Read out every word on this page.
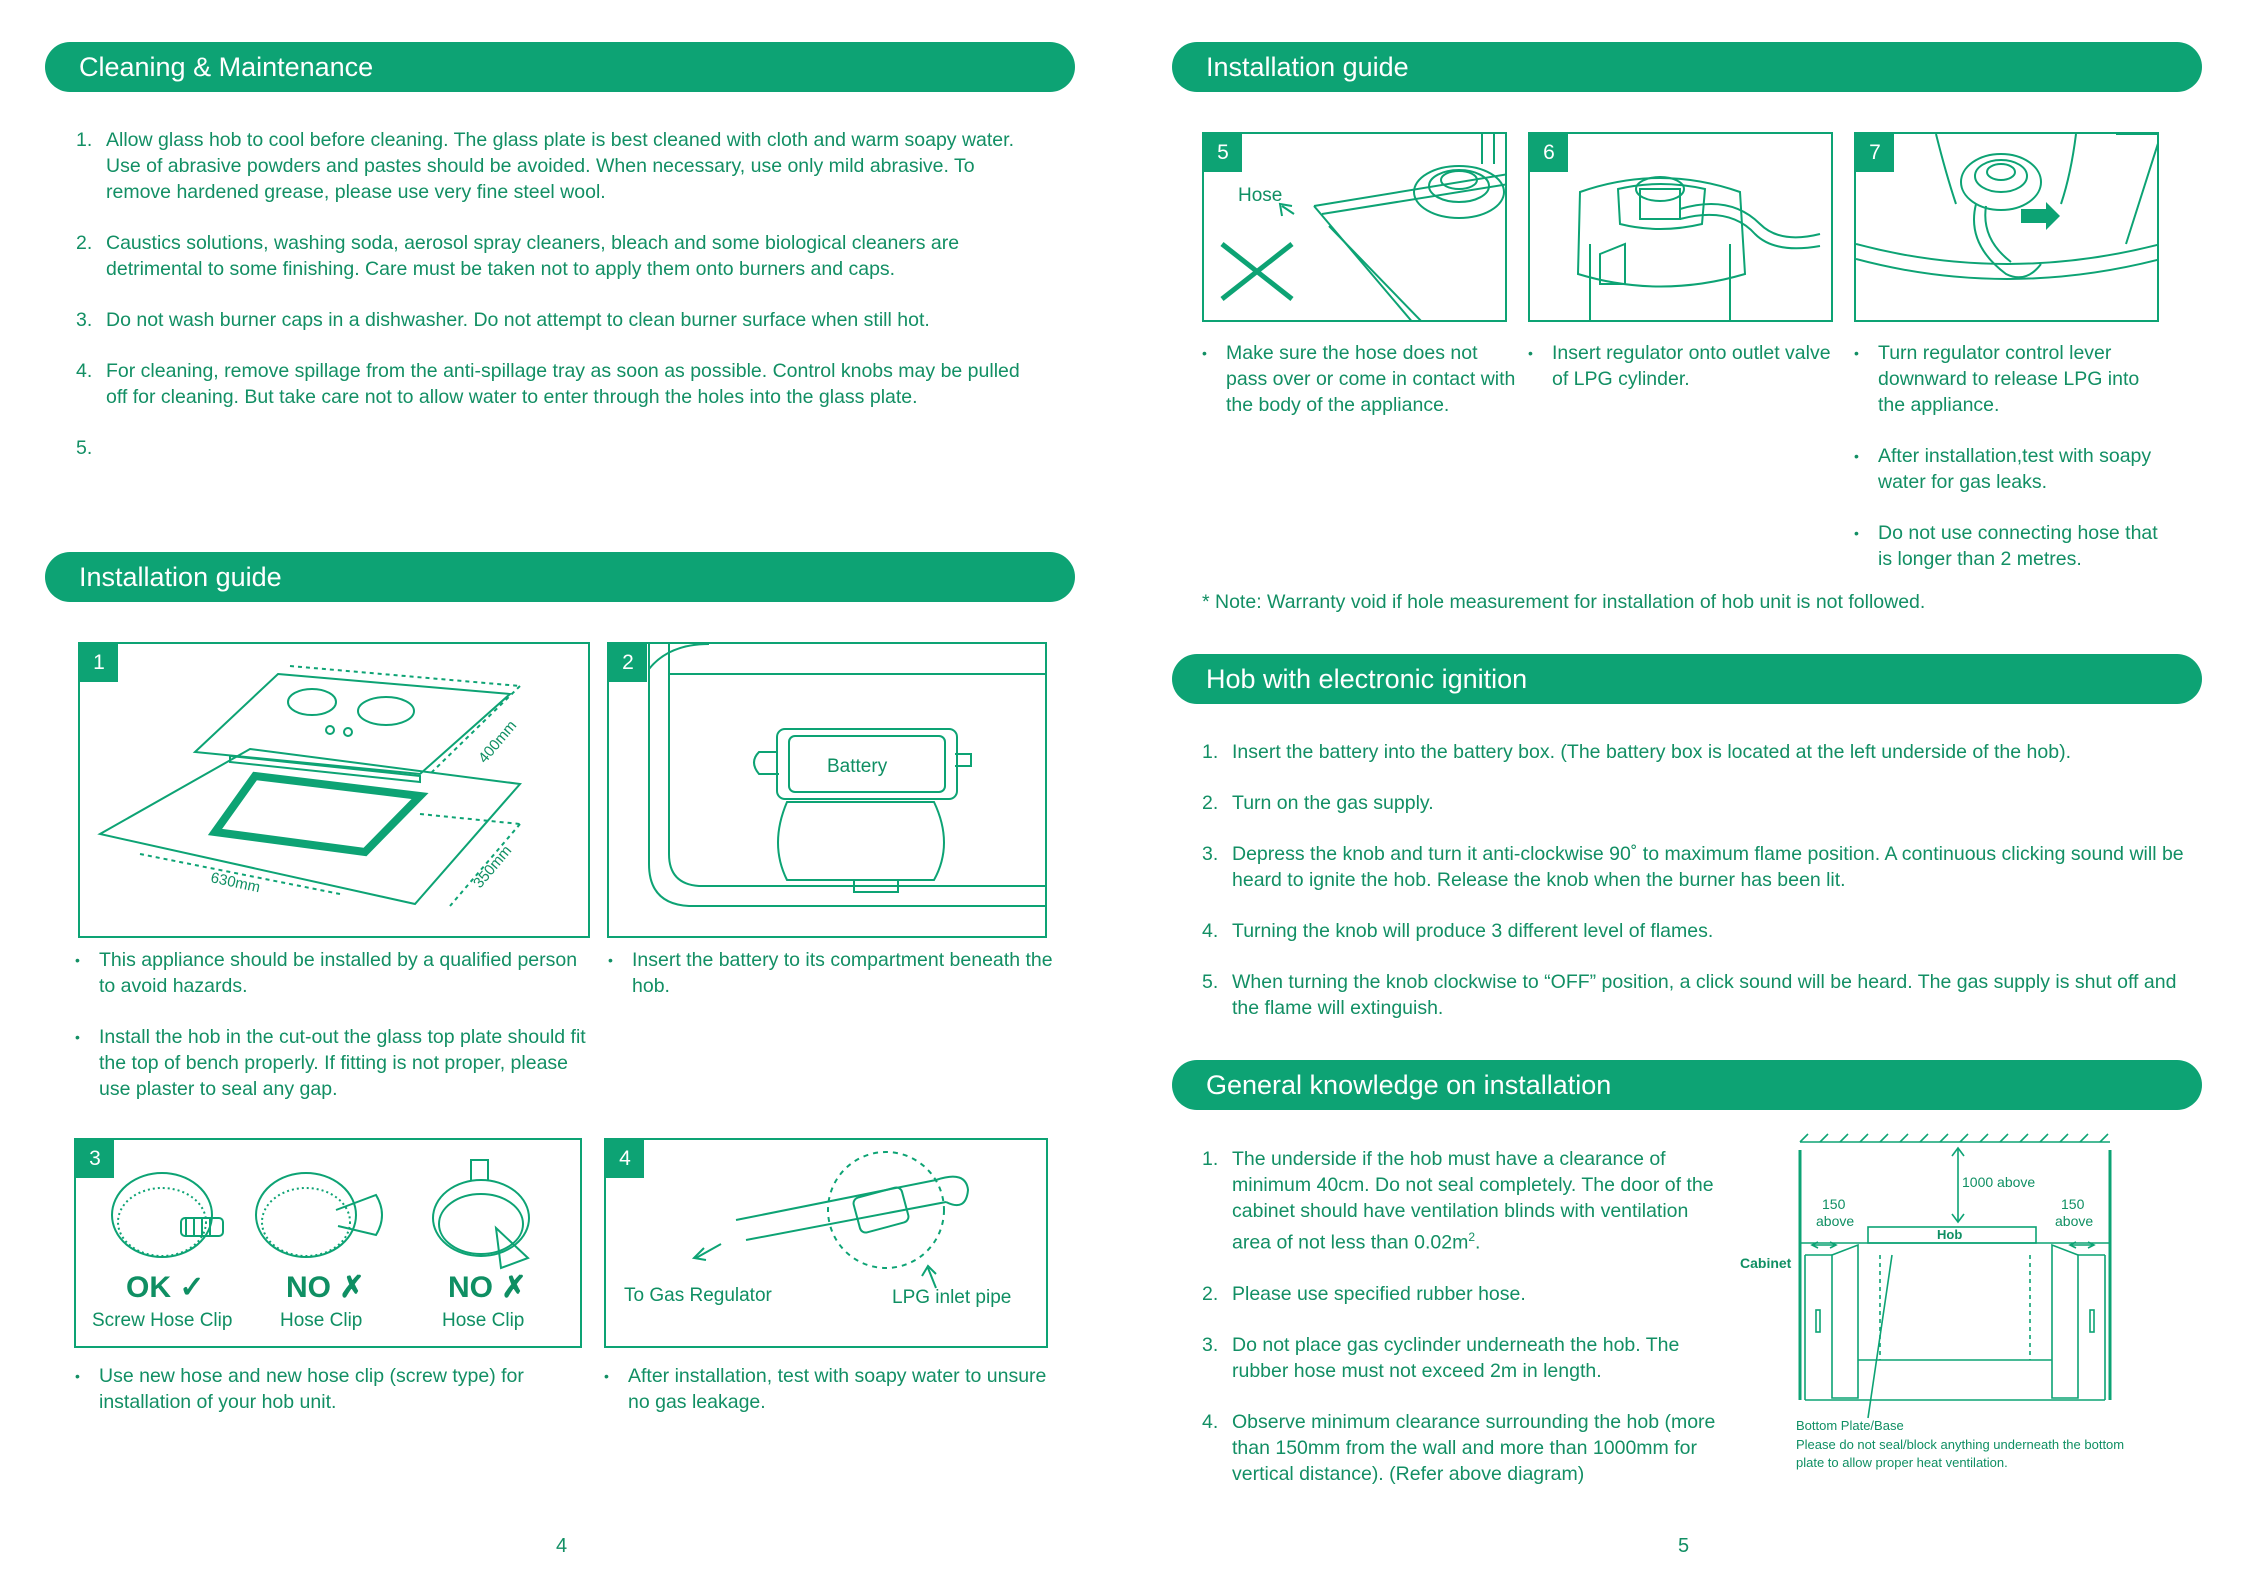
Cleaning & Maintenance
1. Allow glass hob to cool before cleaning. The glass plate is best cleaned with cloth and warm soapy water. Use of abrasive powders and pastes should be avoided. When necessary, use only mild abrasive. To remove hardened grease, please use very fine steel wool.
2. Caustics solutions, washing soda, aerosol spray cleaners, bleach and some biological cleaners are detrimental to some finishing. Care must be taken not to apply them onto burners and caps.
3. Do not wash burner caps in a dishwasher. Do not attempt to clean burner surface when still hot.
4. For cleaning, remove spillage from the anti-spillage tray as soon as possible. Control knobs may be pulled off for cleaning. But take care not to allow water to enter through the holes into the glass plate.
5.
Installation guide
1
630mm
400mm
350mm
2
Battery
• This appliance should be installed by a qualified person to avoid hazards.
• Install the hob in the cut-out the glass top plate should fit the top of bench properly. If fitting is not proper, please use plaster to seal any gap.
• Insert the battery to its compartment beneath the hob.
3
OK ✓
Screw Hose Clip
NO ✗
Hose Clip
NO ✗
Hose Clip
4
To Gas Regulator	LPG inlet pipe
• Use new hose and new hose clip (screw type) for installation of your hob unit.
• After installation, test with soapy water to unsure no gas leakage.
4
Installation guide
5
Hose
6	7
• Make sure the hose does not pass over or come in contact with the body of the appliance.
• Insert regulator onto outlet valve of LPG cylinder.
• Turn regulator control lever downward to release LPG into the appliance.
• After installation,test with soapy water for gas leaks.
• Do not use connecting hose that is longer than 2 metres.
* Note: Warranty void if hole measurement for installation of hob unit is not followed.
Hob with electronic ignition
1. Insert the battery into the battery box. (The battery box is located at the left underside of the hob).
2. Turn on the gas supply.
3. Depress the knob and turn it anti-clockwise 90˚ to maximum flame position. A continuous clicking sound will be heard to ignite the hob. Release the knob when the burner has been lit.
4. Turning the knob will produce 3 different level of flames.
5. When turning the knob clockwise to “OFF” position, a click sound will be heard. The gas supply is shut off and the flame will extinguish.
General knowledge on installation
1. The underside if the hob must have a clearance of minimum 40cm. Do not seal completely. The door of the cabinet should have ventilation blinds with ventilation area of not less than $0.02m^2$.
2. Please use specified rubber hose.
3. Do not place gas cyclinder underneath the hob. The rubber hose must not exceed 2m in length.
4. Observe minimum clearance surrounding the hob (more than 150mm from the wall and more than 1000mm for vertical distance). (Refer above diagram)
1000 above
150
above
150
above
Hob
Cabinet
Bottom Plate/Base
Please do not seal/block anything underneath the bottom plate to allow proper heat ventilation.
5
